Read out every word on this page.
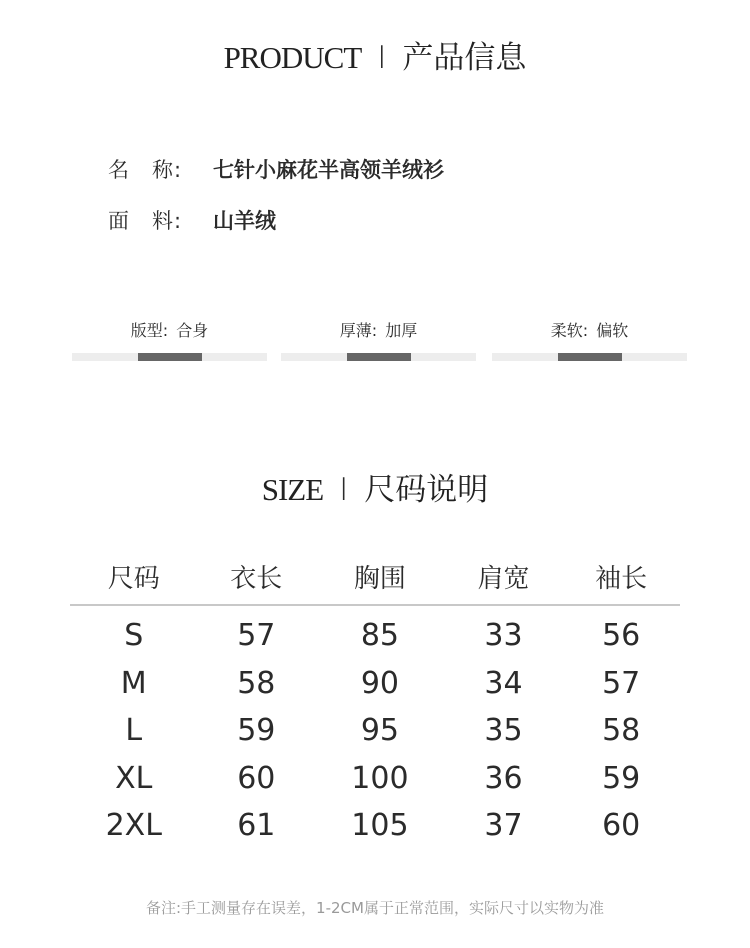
PRODUCT I 产品信息
名　称: 七针小麻花半高领羊绒衫
面　料: 山羊绒
版型: 合身	厚薄: 加厚	柔软: 偏软
SIZE I 尺码说明
尺码	衣长	胸围	肩宽	袖长
S	57	85	33	56
M	58	90	34	57
L	59	95	35	58
XL	60	100	36	59
2XL	61	105	37	60
备注:手工测量存在误差，1-2CM属于正常范围，实际尺寸以实物为准
